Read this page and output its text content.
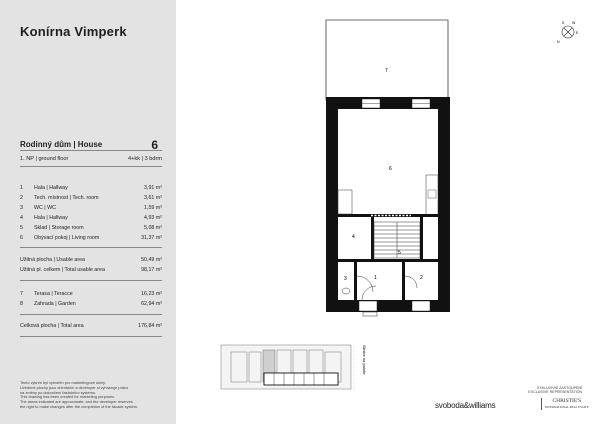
Konírna Vimperk
Rodinný dům | House	6
1. NP | ground floor	4+kk | 3 bdrm
1	Hala | Hallway	3,91 m²
2	Tech. místnost | Tech. room	3,61 m²
3	WC | WC	1,59 m²
4	Hala | Hallway	4,93 m²
5	Sklad | Storage room	5,08 m²
6	Obývací pokoj | Living room	31,37 m²
Užitná plocha | Usable area	50,49 m²
Užitná pl. celkem | Total usable area	98,17 m²
7	Terasa | Teracce	16,23 m²
8	Zahrada | Garden	62,94 m²
Celková plocha | Total area	176,84 m²
Tento výkres byl vytvořen pro marketingové účely.
Uvedené plochy jsou orientační a developer si vyhrazuje právo
na změny po dokončení fasádního systému.
This drawing has been created for marketing purposes.
The areas indicated are approximate, and the developer reserves
the right to make changes after the completion of the facade system.
S W
E
N
7
6
4
5
3	1	2
Silnice na paloře
EXKLUZIVNÍ ZASTOUPENÍ
EXCLUSIVE REPRESENTATION
svoboda&williams	CHRISTIE'S
INTERNATIONAL REAL ESTATE
